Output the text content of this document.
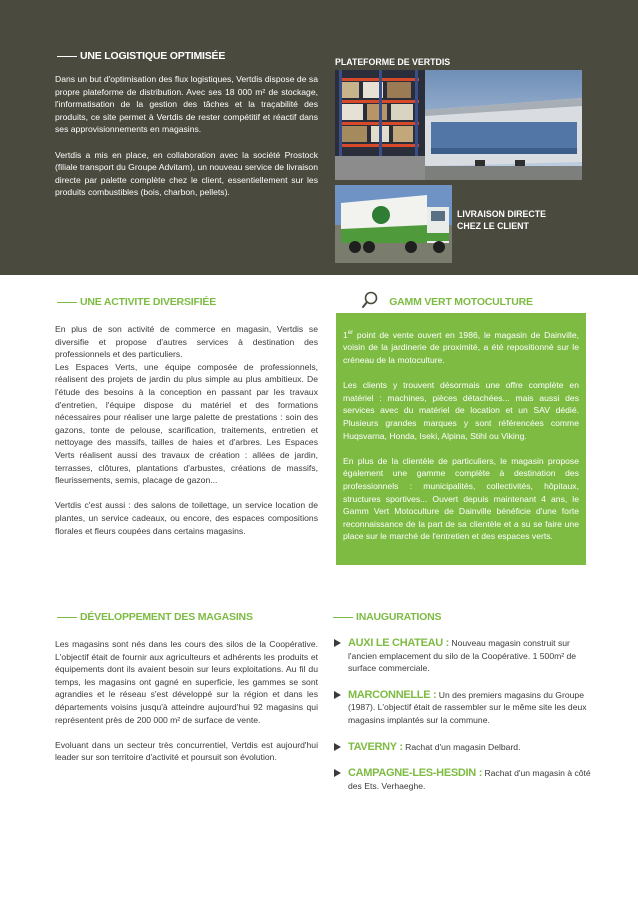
UNE LOGISTIQUE OPTIMISÉE

Dans un but d'optimisation des flux logistiques, Vertdis dispose de sa propre plateforme de distribution. Avec ses 18 000 m² de stockage, l'informatisation de la gestion des tâches et la traçabilité des produits, ce site permet à Vertdis de rester compétitif et réactif dans ses approvisionnements en magasins.

Vertdis a mis en place, en collaboration avec la société Prostock (filiale transport du Groupe Advitam), un nouveau service de livraison directe par palette complète chez le client, essentiellement sur les produits combustibles (bois, charbon, pellets).

PLATEFORME DE VERTDIS
LIVRAISON DIRECTE
CHEZ LE CLIENT
UNE ACTIVITE DIVERSIFIÉE
En plus de son activité de commerce en magasin, Vertdis se diversifie et propose d'autres services à destination des professionnels et des particuliers.

Les Espaces Verts, une équipe composée de professionnels, réalisent des projets de jardin du plus simple au plus ambitieux. De l'étude des besoins à la conception en passant par les travaux d'entretien, l'équipe dispose du matériel et des formations nécessaires pour réaliser une large palette de prestations : soin des gazons, tonte de pelouse, scarification, traitements, entretien et nettoyage des massifs, tailles de haies et d'arbres. Les Espaces Verts réalisent aussi des travaux de création : allées de jardin, terrasses, clôtures, plantations d'arbustes, créations de massifs, fleurissements, semis, placage de gazon...

Vertdis c'est aussi : des salons de toilettage, un service location de plantes, un service cadeaux, ou encore, des espaces compositions florales et fleurs coupées dans certains magasins.

GAMM VERT MOTOCULTURE

1er point de vente ouvert en 1986, le magasin de Dainville, voisin de la jardinerie de proximité, a été repositionné sur le créneau de la motoculture.

Les clients y trouvent désormais une offre complète en matériel : machines, pièces détachées... mais aussi des services avec du matériel de location et un SAV dédié. Plusieurs grandes marques y sont référencées comme Huqsvarna, Honda, Iseki, Alpina, Stihl ou Viking.

En plus de la clientèle de particuliers, le magasin propose également une gamme complète à destination des professionnels : municipalités, collectivités, hôpitaux, structures sportives... Ouvert depuis maintenant 4 ans, le Gamm Vert Motoculture de Dainville bénéficie d'une forte reconnaissance de la part de sa clientèle et a su se faire une place sur le marché de l'entretien et des espaces verts.

DÉVELOPPEMENT DES MAGASINS

Les magasins sont nés dans les cours des silos de la Coopérative. L'objectif était de fournir aux agriculteurs et adhérents les produits et équipements dont ils avaient besoin sur leurs exploitations. Au fil du temps, les magasins ont gagné en superficie, les gammes se sont agrandies et le réseau s'est développé sur la région et dans les départements voisins jusqu'à atteindre aujourd'hui 92 magasins qui représentent près de 200 000 m² de surface de vente.

Evoluant dans un secteur très concurrentiel, Vertdis est aujourd'hui leader sur son territoire d'activité et poursuit son évolution.

INAUGURATIONS
AUXI LE CHATEAU : Nouveau magasin construit sur l'ancien emplacement du silo de la Coopérative. 1 500m² de surface commerciale.
MARCONNELLE : Un des premiers magasins du Groupe (1987). L'objectif était de rassembler sur le même site les deux magasins implantés sur la commune.
TAVERNY : Rachat d'un magasin Delbard.
CAMPAGNE-LES-HESDIN : Rachat d'un magasin à côté des Ets. Verhaeghe.
